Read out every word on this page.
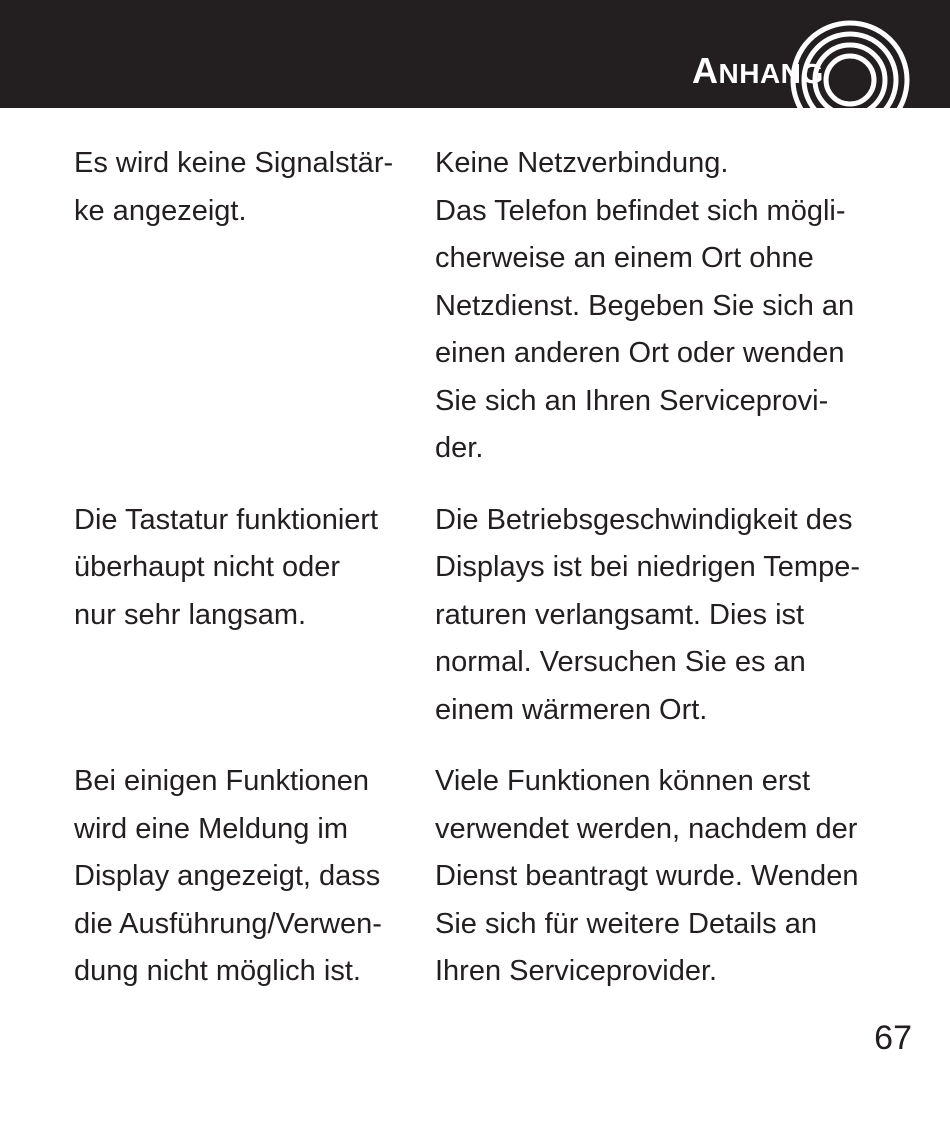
ANHANG
Es wird keine Signalstär-
ke angezeigt.
Keine Netzverbindung.
Das Telefon befindet sich mögli-
cherweise an einem Ort ohne
Netzdienst. Begeben Sie sich an
einen anderen Ort oder wenden
Sie sich an Ihren Serviceprovi-
der.
Die Tastatur funktioniert
überhaupt nicht oder
nur sehr langsam.
Die Betriebsgeschwindigkeit des
Displays ist bei niedrigen Tempe-
raturen verlangsamt. Dies ist
normal. Versuchen Sie es an
einem wärmeren Ort.
Bei einigen Funktionen
wird eine Meldung im
Display angezeigt, dass
die Ausführung/Verwen-
dung nicht möglich ist.
Viele Funktionen können erst
verwendet werden, nachdem der
Dienst beantragt wurde. Wenden
Sie sich für weitere Details an
Ihren Serviceprovider.
67
